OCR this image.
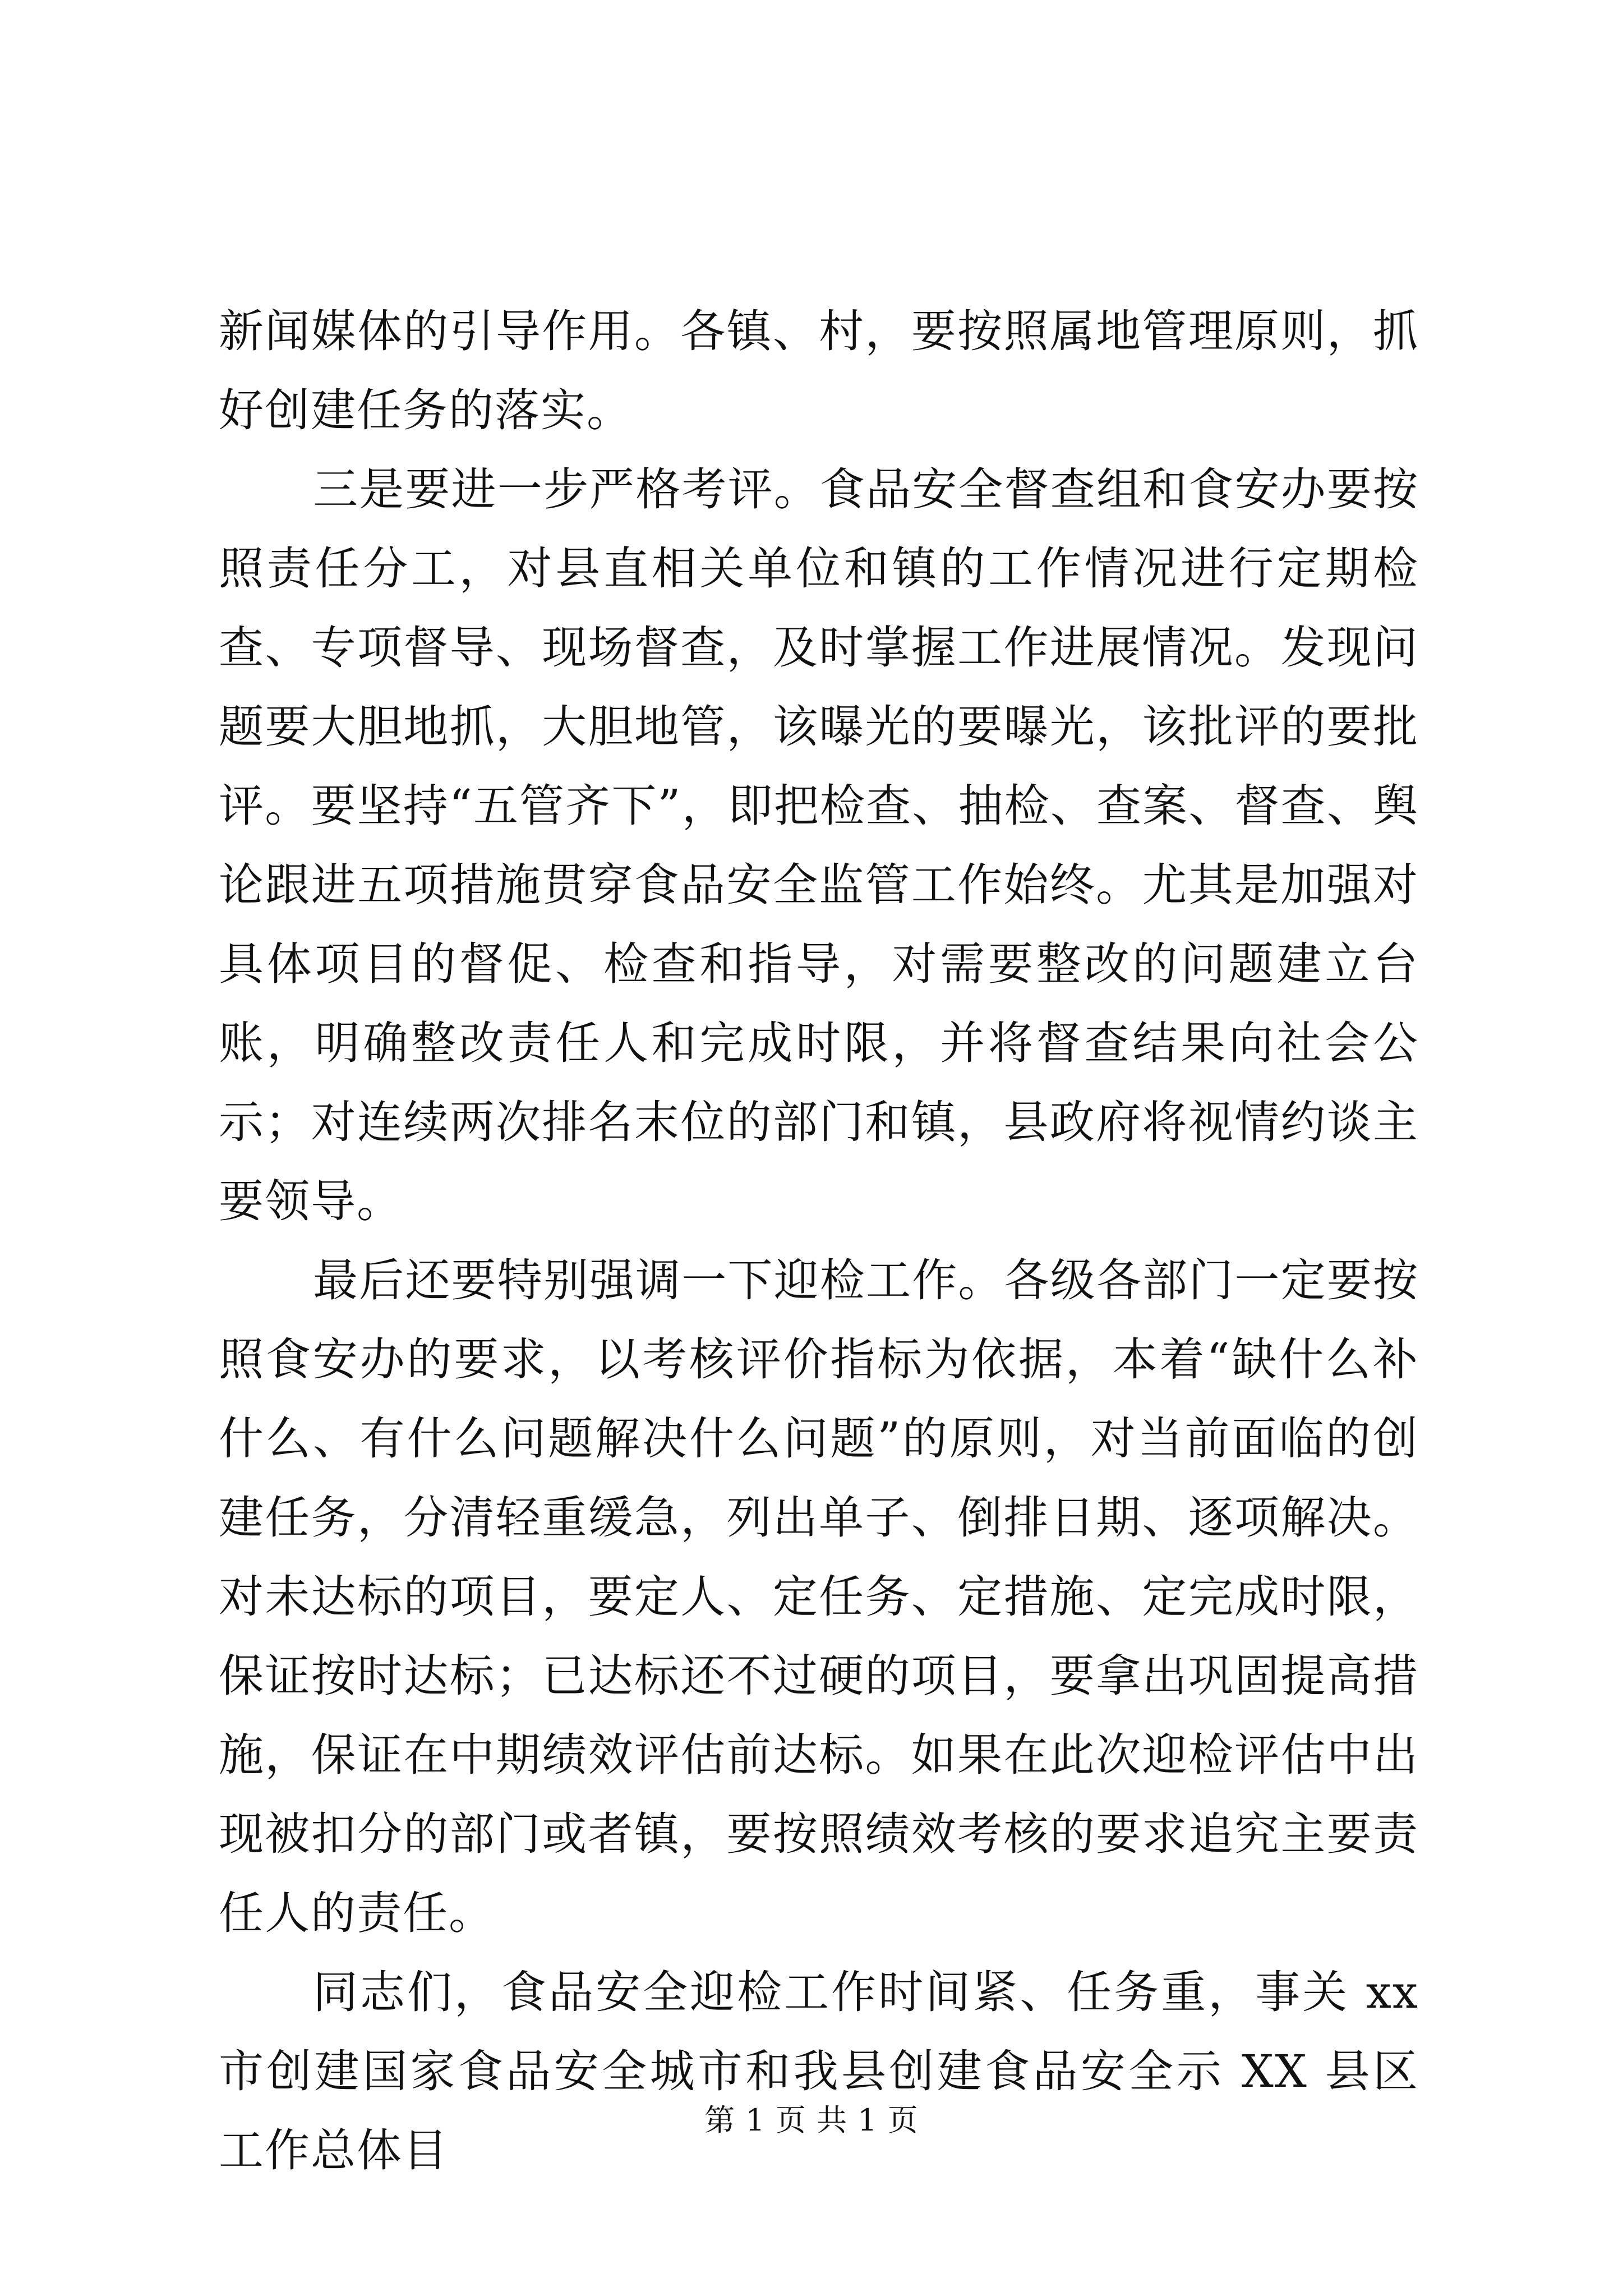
新闻媒体的引导作用。各镇、村，要按照属地管理原则，抓好创建任务的落实。

三是要进一步严格考评。食品安全督查组和食安办要按照责任分工，对县直相关单位和镇的工作情况进行定期检查、专项督导、现场督查，及时掌握工作进展情况。发现问题要大胆地抓，大胆地管，该曝光的要曝光，该批评的要批评。要坚持“五管齐下”，即把检查、抽检、查案、督查、舆论跟进五项措施贯穿食品安全监管工作始终。尤其是加强对具体项目的督促、检查和指导，对需要整改的问题建立台账，明确整改责任人和完成时限，并将督查结果向社会公示；对连续两次排名末位的部门和镇，县政府将视情约谈主要领导。

最后还要特别强调一下迎检工作。各级各部门一定要按照食安办的要求，以考核评价指标为依据，本着“缺什么补什么、有什么问题解决什么问题”的原则，对当前面临的创建任务，分清轻重缓急，列出单子、倒排日期、逐项解决。对未达标的项目，要定人、定任务、定措施、定完成时限，保证按时达标；已达标还不过硬的项目，要拿出巩固提高措施，保证在中期绩效评估前达标。如果在此次迎检评估中出现被扣分的部门或者镇，要按照绩效考核的要求追究主要责任人的责任。

同志们，食品安全迎检工作时间紧、任务重，事关 xx 市创建国家食品安全城市和我县创建食品安全示 XX 县区工作总体目

第 1 页 共 1 页
